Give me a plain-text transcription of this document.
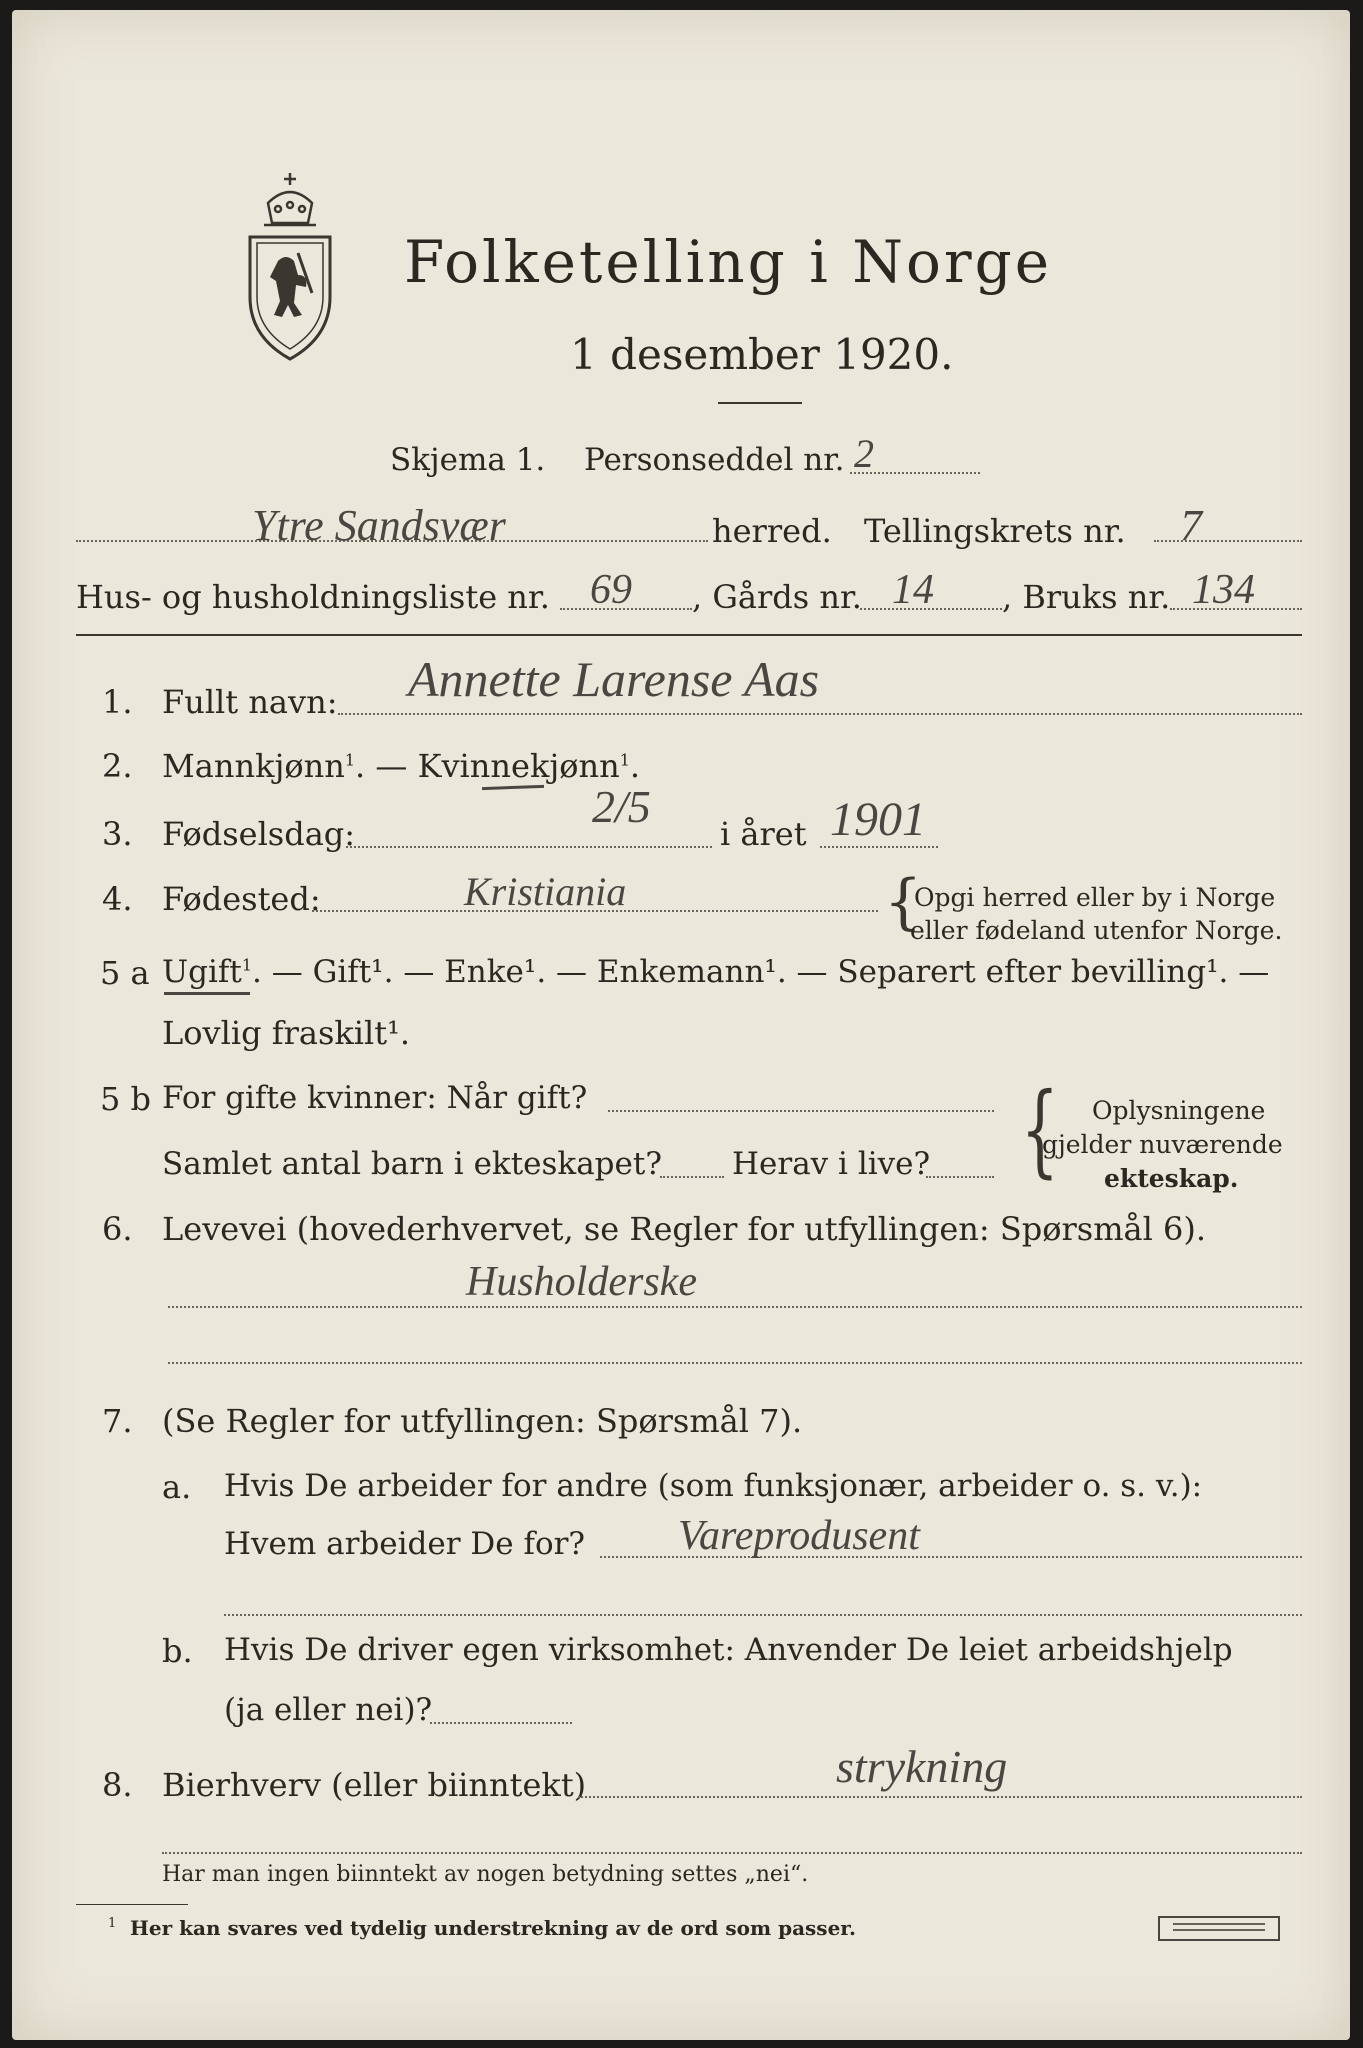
Folketelling i Norge
1 desember 1920.
Skjema 1. Personseddel nr. 2
Ytre Sandsvær	herred. Tellingskrets nr. 7
Hus- og husholdningsliste nr. 69 , Gårds nr. 14 , Bruks nr. 134
1. Fullt navn: Annette Larense Aas
2. Mannkjønn$^1$. — Kvinnekjønn$^1$.
3. Fødselsdag:
2/5
i året 1901
4. Fødested:	Kristiania	{
Opgi herred eller by i Norge
eller fødeland utenfor Norge.
5 a Ugift$^1$. — Gift¹. — Enke¹. — Enkemann¹. — Separert efter bevilling¹. —
Lovlig fraskilt¹.
5 b For gifte kvinner: Når gift?
Samlet antal barn i ekteskapet? Herav i live? { Oplysningene
gjelder nuværende
ekteskap.
6. Levevei (hovederhvervet, se Regler for utfyllingen: Spørsmål 6).
Husholderske
7. (Se Regler for utfyllingen: Spørsmål 7).
a. Hvis De arbeider for andre (som funksjonær, arbeider o. s. v.):
Hvem arbeider De for? Vareprodusent
b. Hvis De driver egen virksomhet: Anvender De leiet arbeidshjelp
(ja eller nei)?
8. Bierhverv (eller biinntekt)	strykning
Har man ingen biinntekt av nogen betydning settes „nei“.
1 Her kan svares ved tydelig understrekning av de ord som passer.
